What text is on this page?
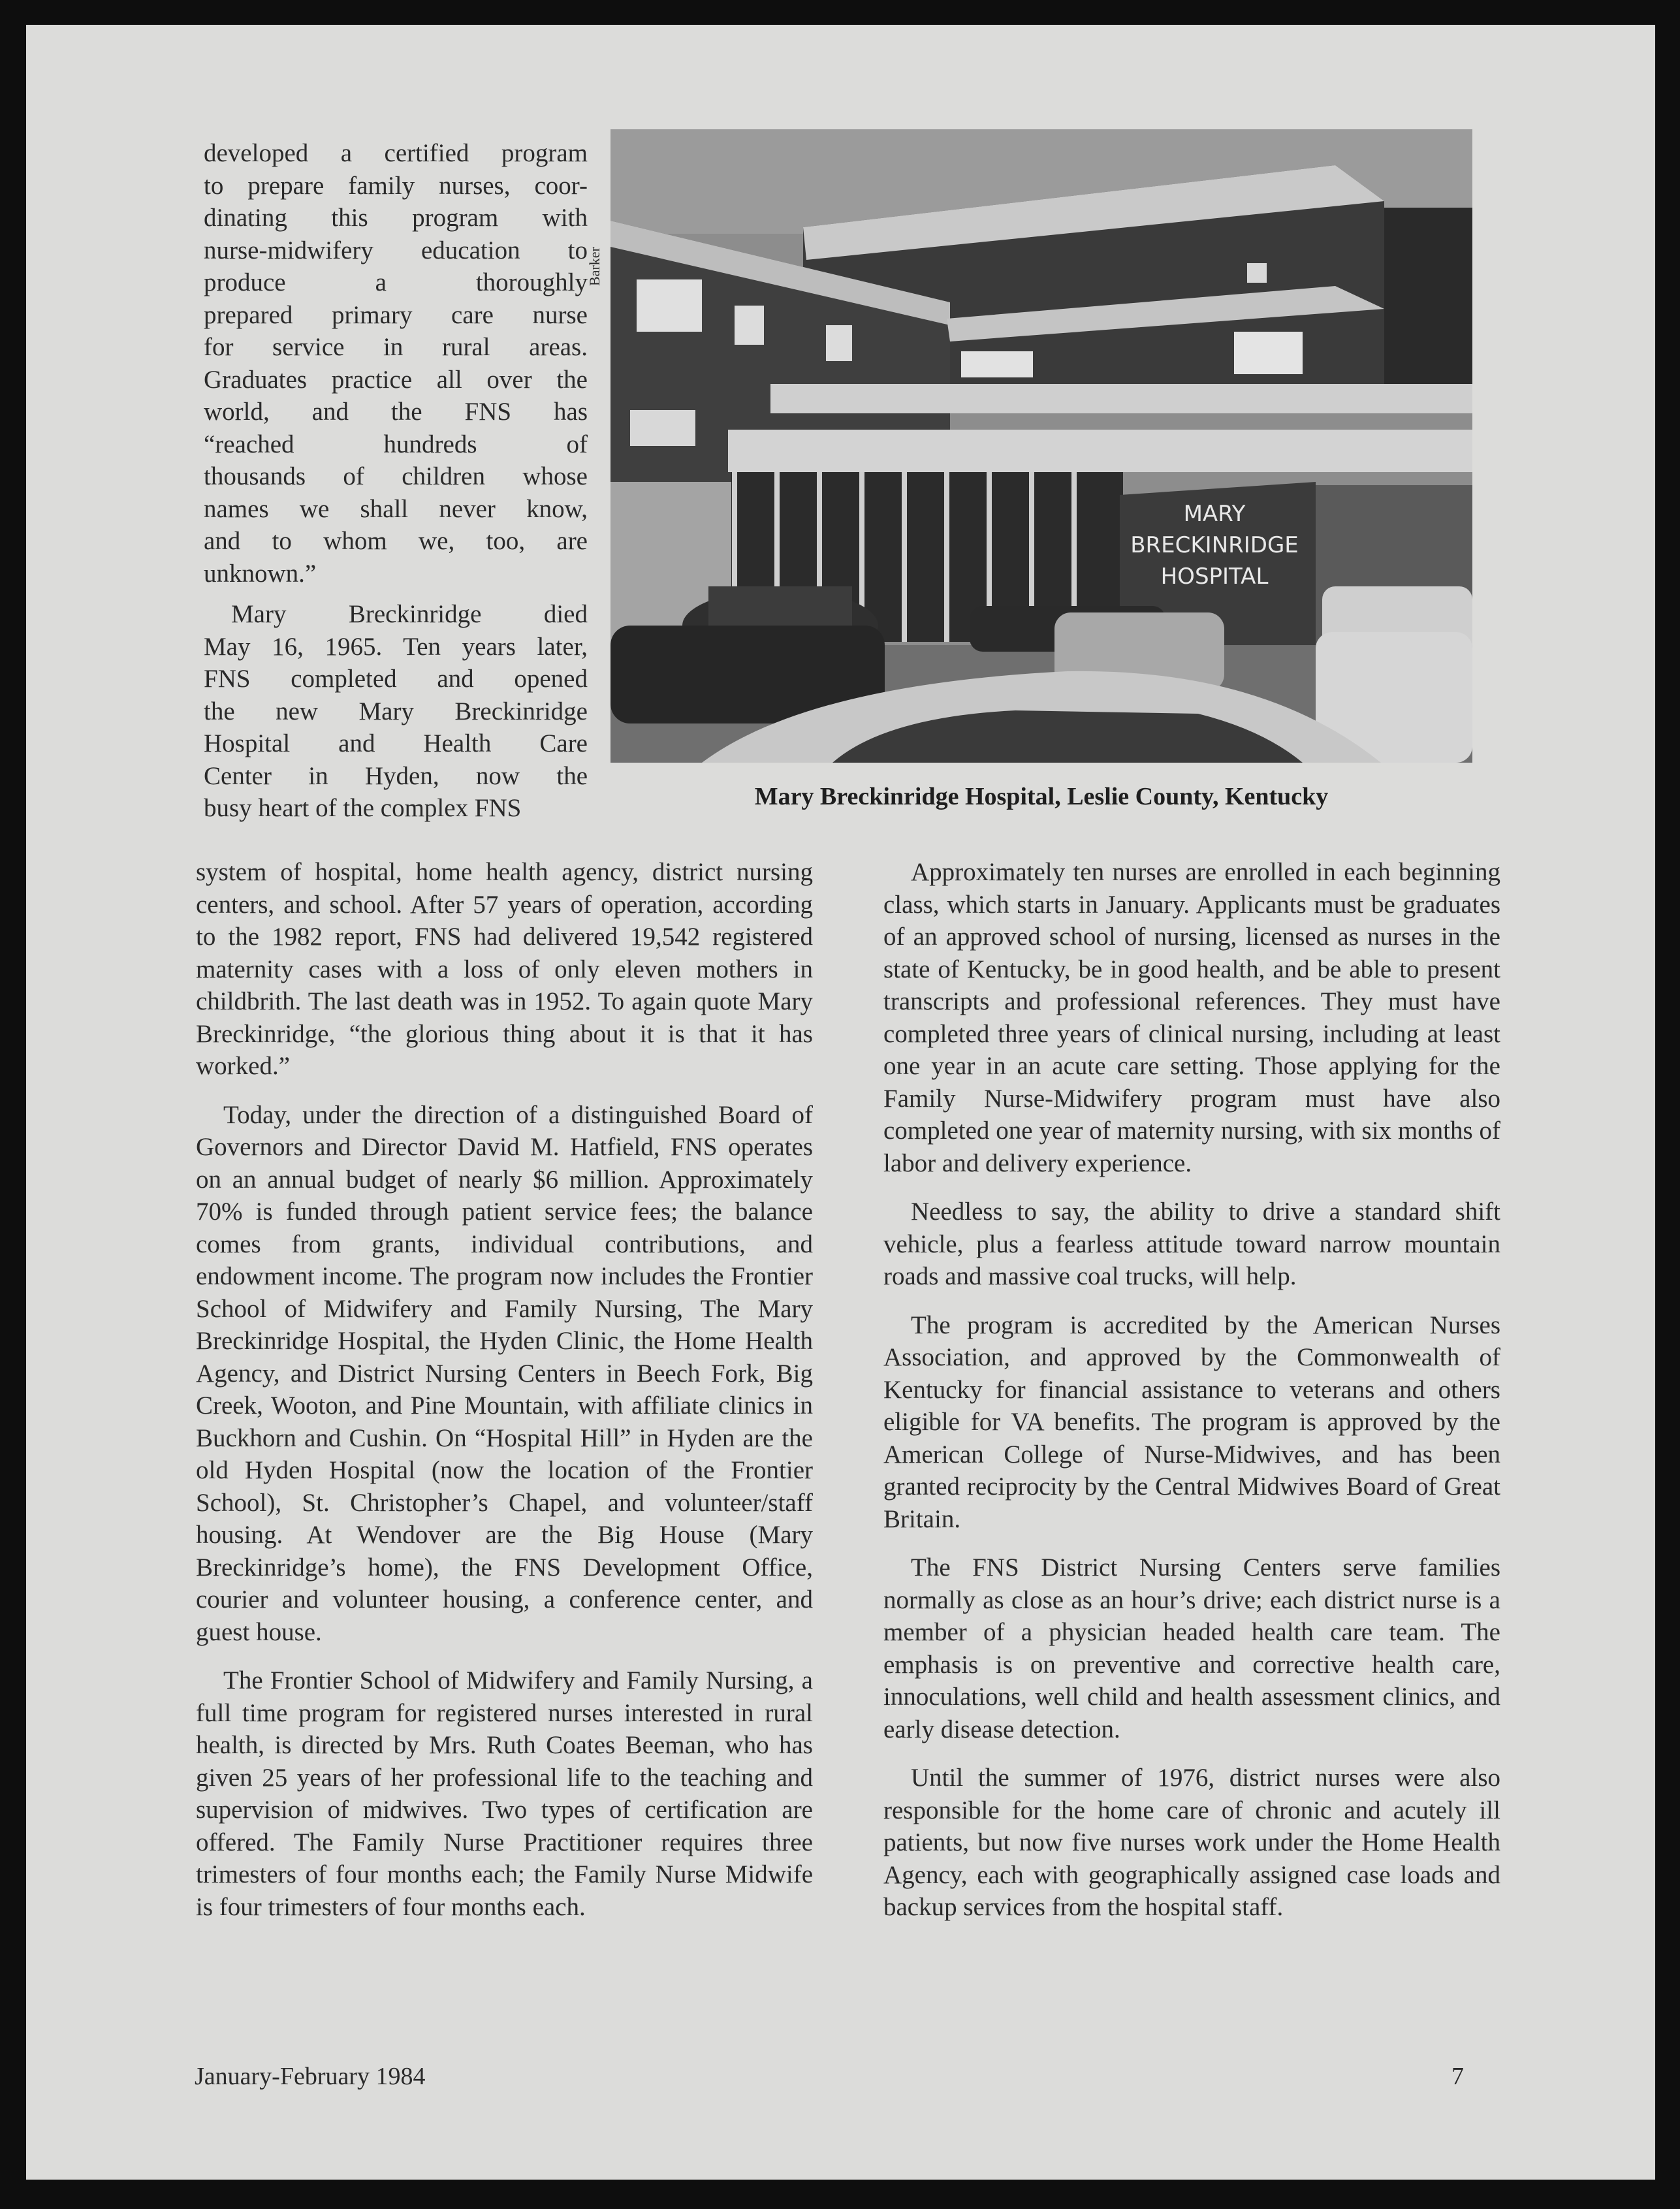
developed a certified program
to prepare family nurses, coor-
dinating this program with
nurse-midwifery education to
produce a thoroughly
prepared primary care nurse
for service in rural areas.
Graduates practice all over the
world, and the FNS has
“reached hundreds of
thousands of children whose
names we shall never know,
and to whom we, too, are
unknown.”
Mary Breckinridge died
May 16, 1965. Ten years later,
FNS completed and opened
the new Mary Breckinridge
Hospital and Health Care
Center in Hyden, now the
busy heart of the complex FNS
Barker
MARY
BRECKINRIDGE
HOSPITAL
Mary Breckinridge Hospital, Leslie County, Kentucky

system of hospital, home health agency, district nursing centers, and school. After 57 years of operation, according to the 1982 report, FNS had delivered 19,542 registered maternity cases with a loss of only eleven mothers in childbrith. The last death was in 1952. To again quote Mary Breckinridge, “the glorious thing about it is that it has worked.”

Today, under the direction of a distinguished Board of Governors and Director David M. Hatfield, FNS operates on an annual budget of nearly $6 million. Approximately 70% is funded through patient service fees; the balance comes from grants, individual contributions, and endowment income. The program now includes the Frontier School of Midwifery and Family Nursing, The Mary Breckinridge Hospital, the Hyden Clinic, the Home Health Agency, and District Nursing Centers in Beech Fork, Big Creek, Wooton, and Pine Mountain, with affiliate clinics in Buckhorn and Cushin. On “Hospital Hill” in Hyden are the old Hyden Hospital (now the location of the Frontier School), St. Christopher’s Chapel, and volunteer/staff housing. At Wendover are the Big House (Mary Breckinridge’s home), the FNS Development Office, courier and volunteer housing, a conference center, and guest house.

The Frontier School of Midwifery and Family Nursing, a full time program for registered nurses interested in rural health, is directed by Mrs. Ruth Coates Beeman, who has given 25 years of her professional life to the teaching and supervision of midwives. Two types of certification are offered. The Family Nurse Practitioner requires three trimesters of four months each; the Family Nurse Midwife is four trimesters of four months each.

Approximately ten nurses are enrolled in each beginning class, which starts in January. Applicants must be graduates of an approved school of nursing, licensed as nurses in the state of Kentucky, be in good health, and be able to present transcripts and professional references. They must have completed three years of clinical nursing, including at least one year in an acute care setting. Those applying for the Family Nurse-Midwifery program must have also completed one year of maternity nursing, with six months of labor and delivery experience.

Needless to say, the ability to drive a standard shift vehicle, plus a fearless attitude toward narrow mountain roads and massive coal trucks, will help.

The program is accredited by the American Nurses Association, and approved by the Commonwealth of Kentucky for financial assistance to veterans and others eligible for VA benefits. The program is approved by the American College of Nurse-Midwives, and has been granted reciprocity by the Central Midwives Board of Great Britain.

The FNS District Nursing Centers serve families normally as close as an hour’s drive; each district nurse is a member of a physician headed health care team. The emphasis is on preventive and corrective health care, innoculations, well child and health assessment clinics, and early disease detection.

Until the summer of 1976, district nurses were also responsible for the home care of chronic and acutely ill patients, but now five nurses work under the Home Health Agency, each with geographically assigned case loads and backup services from the hospital staff.

January-February 1984	7
